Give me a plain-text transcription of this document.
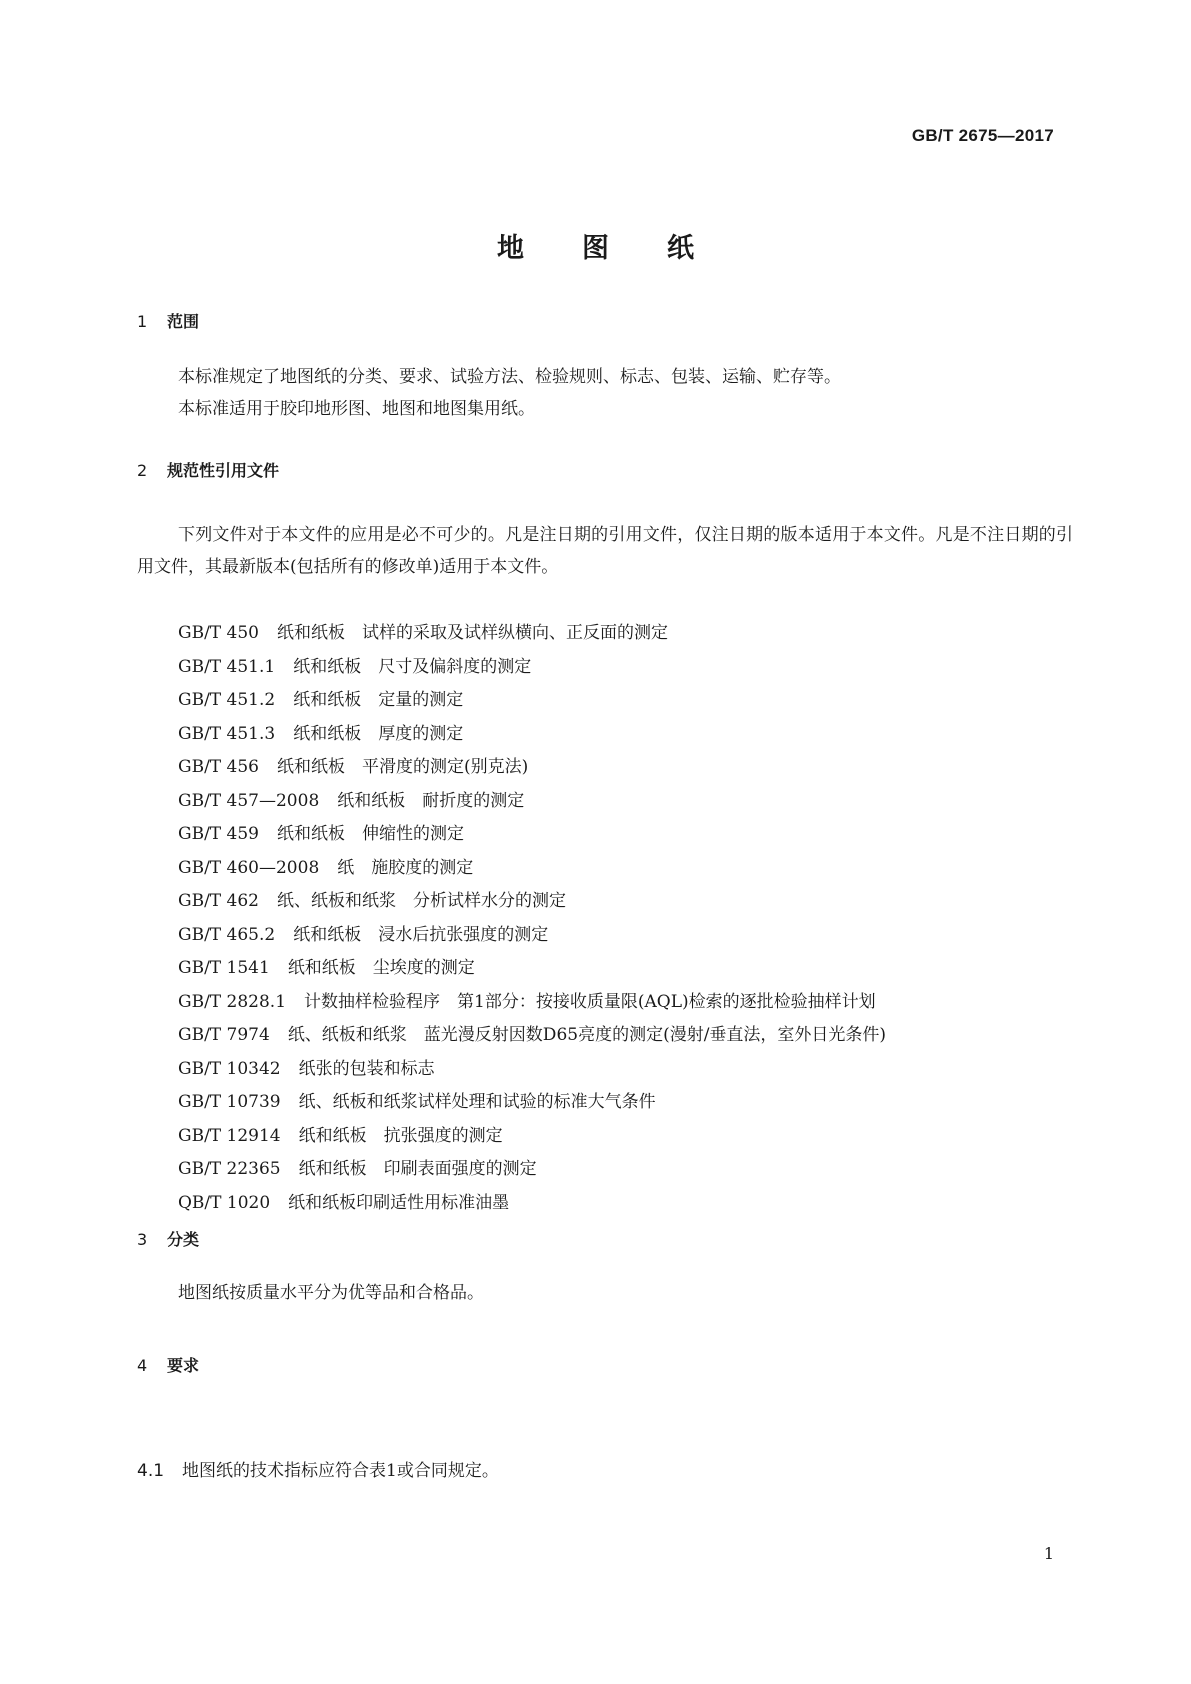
GB/T 2675—2017
地图纸
1 范围
本标准规定了地图纸的分类、要求、试验方法、检验规则、标志、包装、运输、贮存等。
本标准适用于胶印地形图、地图和地图集用纸。
2 规范性引用文件
下列文件对于本文件的应用是必不可少的。凡是注日期的引用文件，仅注日期的版本适用于本文件。凡是不注日期的引用文件，其最新版本(包括所有的修改单)适用于本文件。
GB/T 450 纸和纸板　试样的采取及试样纵横向、正反面的测定
GB/T 451.1 纸和纸板　尺寸及偏斜度的测定
GB/T 451.2 纸和纸板　定量的测定
GB/T 451.3 纸和纸板　厚度的测定
GB/T 456 纸和纸板　平滑度的测定(别克法)
GB/T 457—2008 纸和纸板　耐折度的测定
GB/T 459 纸和纸板　伸缩性的测定
GB/T 460—2008 纸　施胶度的测定
GB/T 462 纸、纸板和纸浆　分析试样水分的测定
GB/T 465.2 纸和纸板　浸水后抗张强度的测定
GB/T 1541 纸和纸板　尘埃度的测定
GB/T 2828.1 计数抽样检验程序　第1部分：按接收质量限(AQL)检索的逐批检验抽样计划
GB/T 7974 纸、纸板和纸浆　蓝光漫反射因数D65亮度的测定(漫射/垂直法，室外日光条件)
GB/T 10342 纸张的包装和标志
GB/T 10739 纸、纸板和纸浆试样处理和试验的标准大气条件
GB/T 12914 纸和纸板　抗张强度的测定
GB/T 22365 纸和纸板　印刷表面强度的测定
QB/T 1020 纸和纸板印刷适性用标准油墨
3 分类
地图纸按质量水平分为优等品和合格品。
4 要求
4.1 地图纸的技术指标应符合表1或合同规定。
1
